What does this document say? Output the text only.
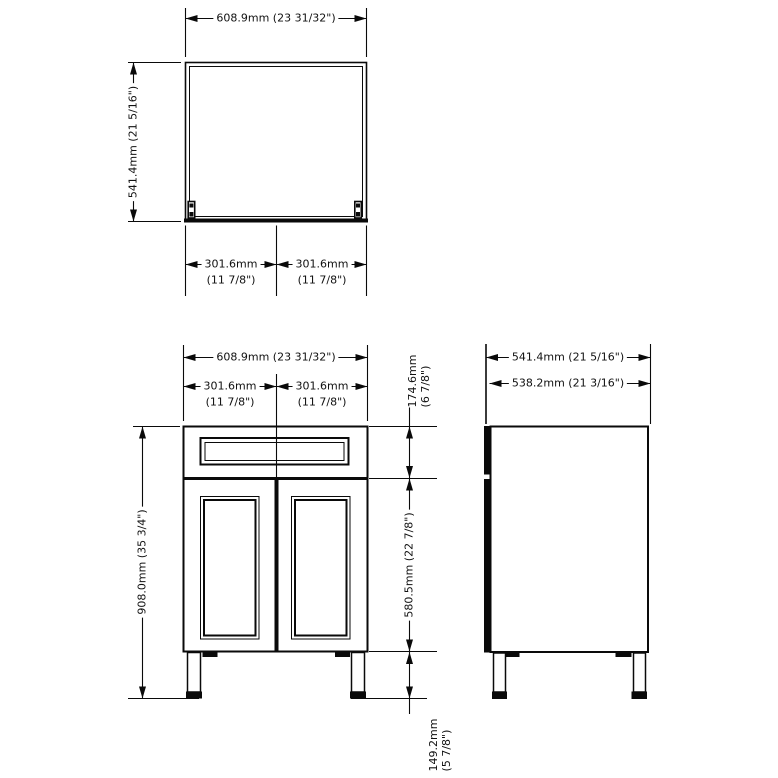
608.9mm (23 31/32")
541.4mm (21 5/16")
301.6mm
(11 7/8")
301.6mm
(11 7/8")
608.9mm (23 31/32")
301.6mm
(11 7/8")
301.6mm
(11 7/8")
908.0mm (35 3/4")
174.6mm (6 7/8")
580.5mm (22 7/8")
149.2mm (5 7/8")
541.4mm (21 5/16")
538.2mm (21 3/16")
